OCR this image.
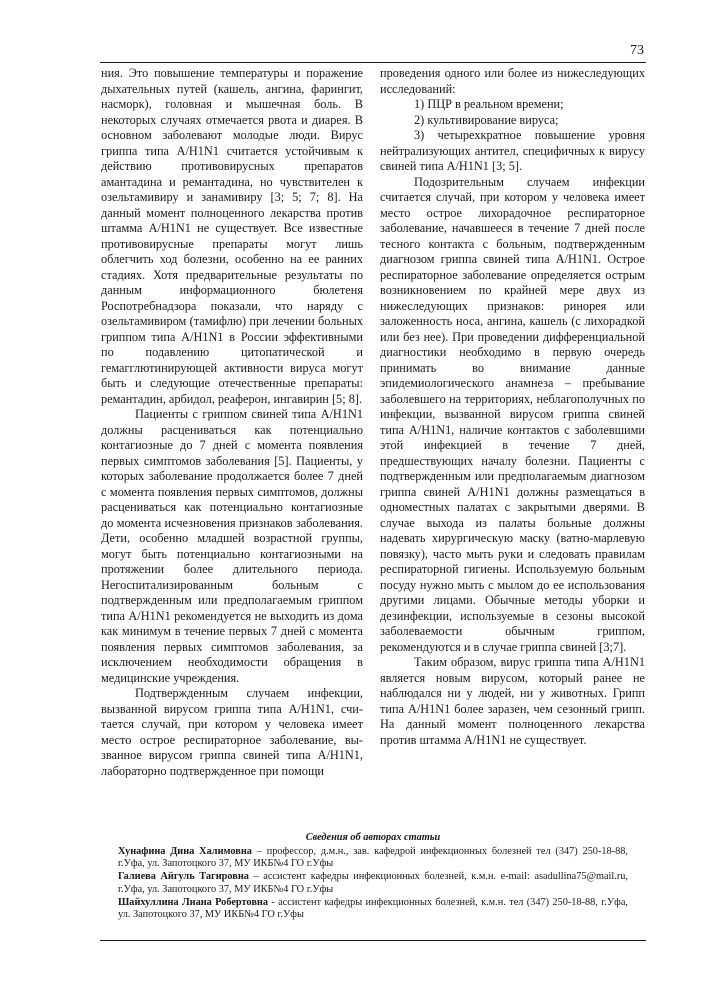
73

ния. Это повышение температуры и поражение дыхательных путей (кашель, ангина, фарингит, насморк), головная и мышечная боль. В некоторых случаях отмечается рвота и диарея. В основном заболевают молодые люди. Вирус гриппа типа А/H1N1 считается устойчивым к действию противовирусных препаратов амантадина и ремантадина, но чувствителен к озельтамивиру и занамивиру [3; 5; 7; 8]. На данный момент полноценного лекарства против штамма А/H1N1 не существует. Все известные противовирусные препараты могут лишь облегчить ход болезни, особенно на ее ранних стадиях. Хотя предварительные результаты по данным информационного бюлетеня Роспотребнадзора показали, что наряду с озельтамивиром (тамифлю) при лечении больных гриппом типа А/H1N1 в России эффективными по подавлению цитопатической и гемагглютинирующей активности вируса могут быть и следующие отечественные препараты: ремантадин, арбидол, реаферон, ингавирин [5; 8].

Пациенты с гриппом свиней типа А/H1N1 должны расцениваться как потенциально контагиозные до 7 дней с момента появления первых симптомов заболевания [5]. Пациенты, у которых заболевание продолжается более 7 дней с момента появления первых симптомов, должны расцениваться как потенциально контагиозные до момента исчезновения признаков заболевания. Дети, особенно младшей возрастной группы, могут быть потенциально контагиозными на протяжении более длительного периода. Негоспитализированным больным с подтвержденным или предполагаемым гриппом типа А/H1N1 рекомендуется не выходить из дома как минимум в течение первых 7 дней с момента появления первых симптомов заболевания, за исключением необходимости обращения в медицинские учреждения.

Подтвержденным случаем инфекции, вызванной вирусом гриппа типа А/H1N1, считается случай, при котором у человека имеет место острое респираторное заболевание, вызванное вирусом гриппа свиней типа А/H1N1, лабораторно подтвержденное при помощи

проведения одного или более из нижеследующих исследований:

1) ПЦР в реальном времени;

2) культивирование вируса;

3) четырехкратное повышение уровня нейтрализующих антител, специфичных к вирусу свиней типа А/H1N1 [3; 5].

Подозрительным случаем инфекции считается случай, при котором у человека имеет место острое лихорадочное респираторное заболевание, начавшееся в течение 7 дней после тесного контакта с больным, подтвержденным диагнозом гриппа свиней типа А/H1N1. Острое респираторное заболевание определяется острым возникновением по крайней мере двух из нижеследующих признаков: ринорея или заложенность носа, ангина, кашель (с лихорадкой или без нее). При проведении дифференциальной диагностики необходимо в первую очередь принимать во внимание данные эпидемиологического анамнеза – пребывание заболевшего на территориях, неблагополучных по инфекции, вызванной вирусом гриппа свиней типа А/H1N1, наличие контактов с заболевшими этой инфекцией в течение 7 дней, предшествующих началу болезни. Пациенты с подтвержденным или предполагаемым диагнозом гриппа свиней А/H1N1 должны размещаться в одноместных палатах с закрытыми дверями. В случае выхода из палаты больные должны надевать хирургическую маску (ватно-марлевую повязку), часто мыть руки и следовать правилам респираторной гигиены. Используемую больным посуду нужно мыть с мылом до ее использования другими лицами. Обычные методы уборки и дезинфекции, используемые в сезоны высокой заболеваемости обычным гриппом, рекомендуются и в случае гриппа свиней [3;7].

Таким образом, вирус гриппа типа А/H1N1 является новым вирусом, который ранее не наблюдался ни у людей, ни у животных. Грипп типа А/H1N1 более заразен, чем сезонный грипп. На данный момент полноценного лекарства против штамма А/H1N1 не существует.

Сведения об авторах статьи

Хунафина Дина Халимовна – профессор, д.м.н., зав. кафедрой инфекционных болезней тел (347) 250-18-88, г.Уфа, ул. Запотоцкого 37, МУ ИКБ№4 ГО г.Уфы

Галиева Айгуль Тагировна – ассистент кафедры инфекционных болезней, к.м.н. e-mail: asadullina75@mail.ru, г.Уфа, ул. Запотоцкого 37, МУ ИКБ№4 ГО г.Уфы

Шайхуллина Лиана Робертовна - ассистент кафедры инфекционных болезней, к.м.н. тел (347) 250-18-88, г.Уфа, ул. Запотоцкого 37, МУ ИКБ№4 ГО г.Уфы
